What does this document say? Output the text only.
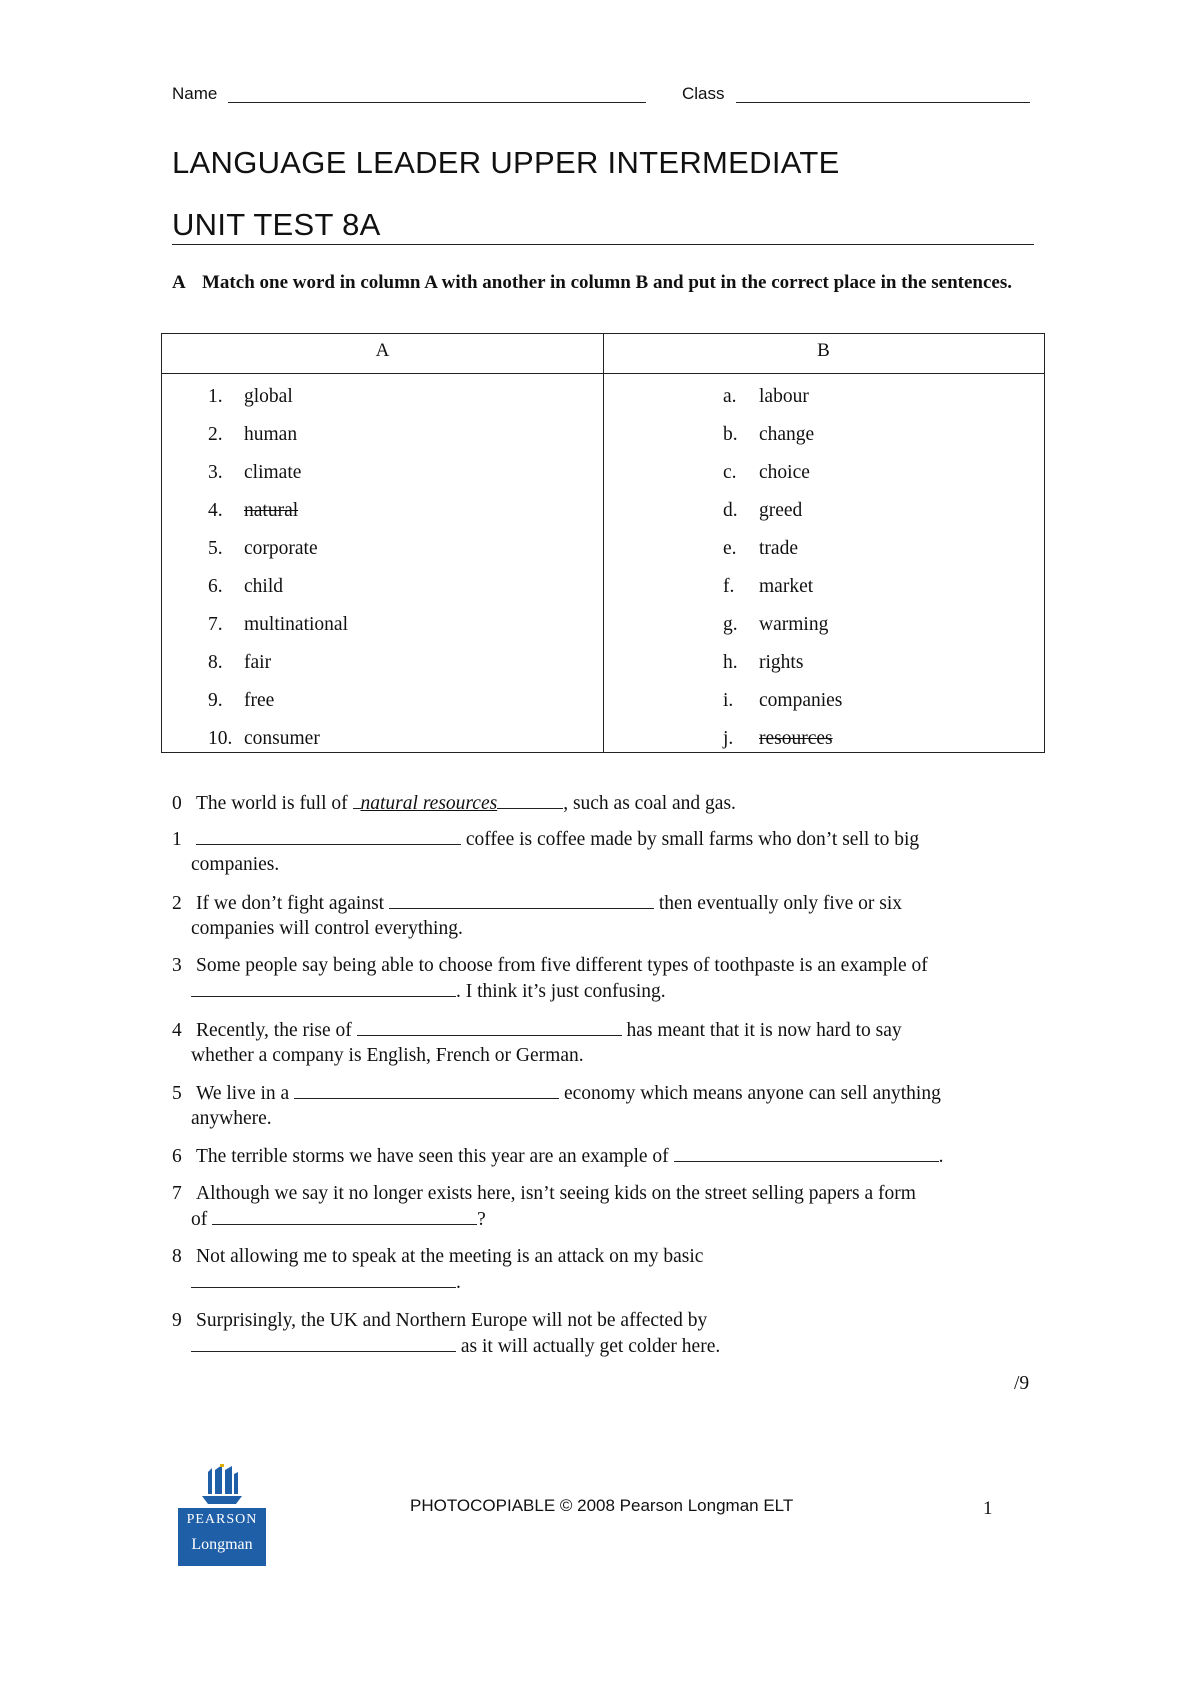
Name	Class
LANGUAGE LEADER UPPER INTERMEDIATE
UNIT TEST 8A
A Match one word in column A with another in column B and put in the correct place in the sentences.
A	B
1. global
2. human
3. climate
4. natural
5. corporate
6. child
7. multinational
8. fair
9. free
10. consumer
a. labour
b. change
c. choice
d. greed
e. trade
f. market
g. warming
h. rights
i. companies
j. resources
0 The world is full of natural resources	, such as coal and gas.
1	coffee is coffee made by small farms who don’t sell to big
companies.
2 If we don’t fight against	then eventually only five or six
companies will control everything.
3 Some people say being able to choose from five different types of toothpaste is an example of
. I think it’s just confusing.
4 Recently, the rise of	has meant that it is now hard to say
whether a company is English, French or German.
5 We live in a	economy which means anyone can sell anything
anywhere.
6 The terrible storms we have seen this year are an example of	.
7 Although we say it no longer exists here, isn’t seeing kids on the street selling papers a form
of	?
8 Not allowing me to speak at the meeting is an attack on my basic
.
9 Surprisingly, the UK and Northern Europe will not be affected by
as it will actually get colder here.
/9
PEARSON
Longman
PHOTOCOPIABLE © 2008 Pearson Longman ELT	1
